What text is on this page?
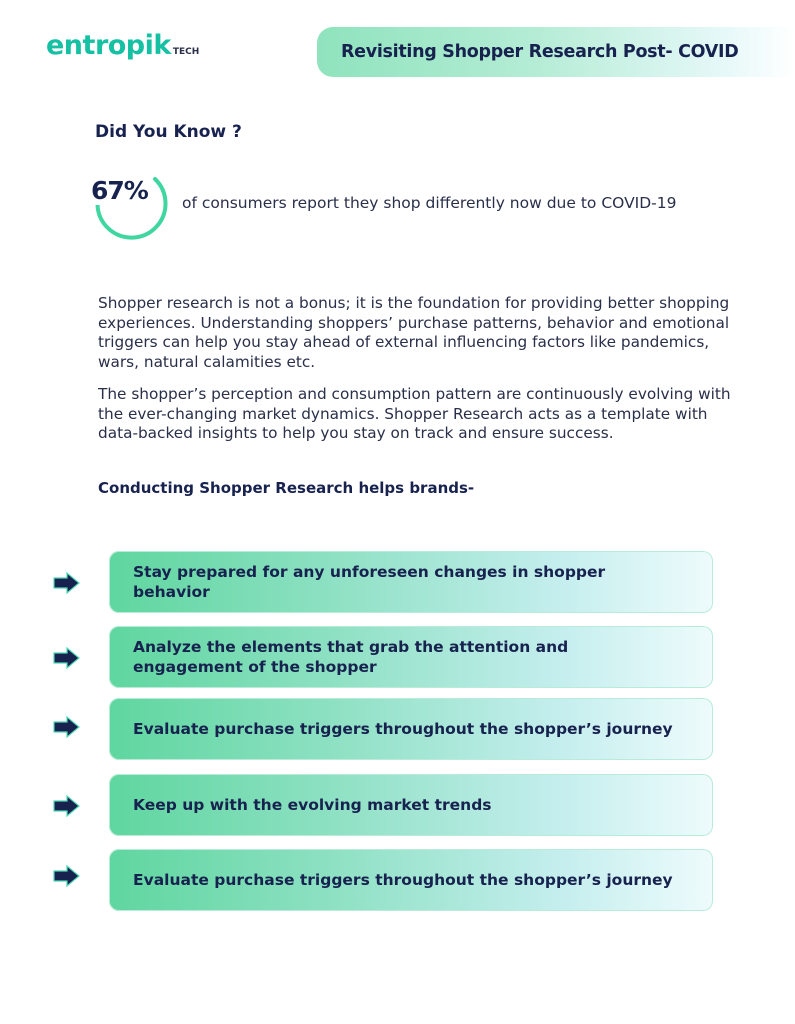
entropik TECH	Revisiting Shopper Research Post- COVID
Did You Know ?
67% of consumers report they shop differently now due to COVID-19

Shopper research is not a bonus; it is the foundation for providing better shopping experiences. Understanding shoppers’ purchase patterns, behavior and emotional triggers can help you stay ahead of external influencing factors like pandemics, wars, natural calamities etc.

The shopper’s perception and consumption pattern are continuously evolving with the ever-changing market dynamics. Shopper Research acts as a template with data-backed insights to help you stay on track and ensure success.

Conducting Shopper Research helps brands-
Stay prepared for any unforeseen changes in shopper behavior
Analyze the elements that grab the attention and engagement of the shopper
Evaluate purchase triggers throughout the shopper’s journey
Keep up with the evolving market trends
Evaluate purchase triggers throughout the shopper’s journey
